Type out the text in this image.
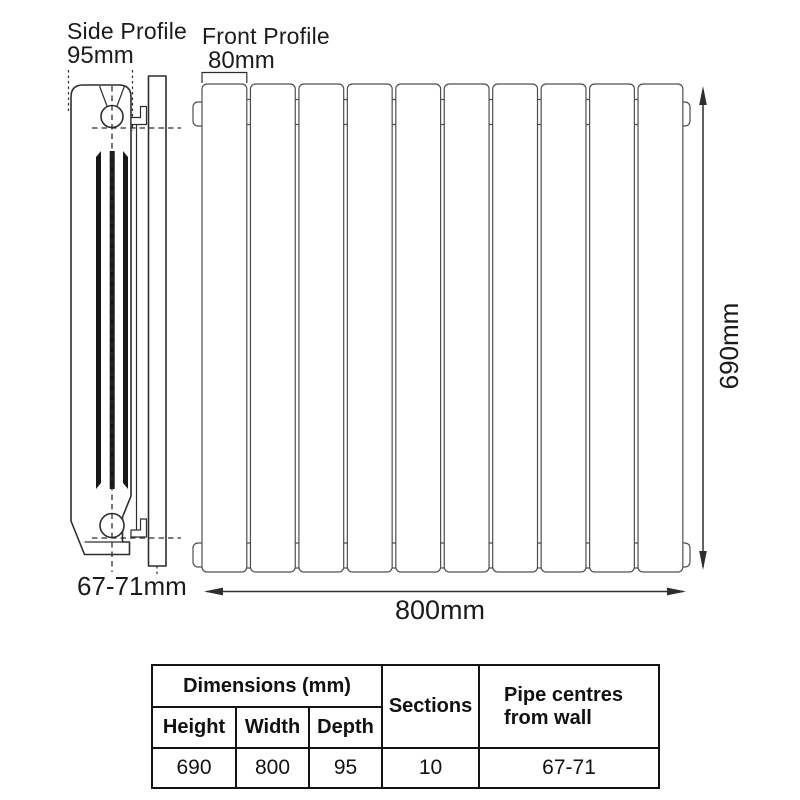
Side Profile
95mm
Front Profile
80mm
67-71mm
800mm
690mm
Dimensions (mm)			Sections	Pipe centres from wall
Height	Width	Depth		
690	800	95	10	67-71
